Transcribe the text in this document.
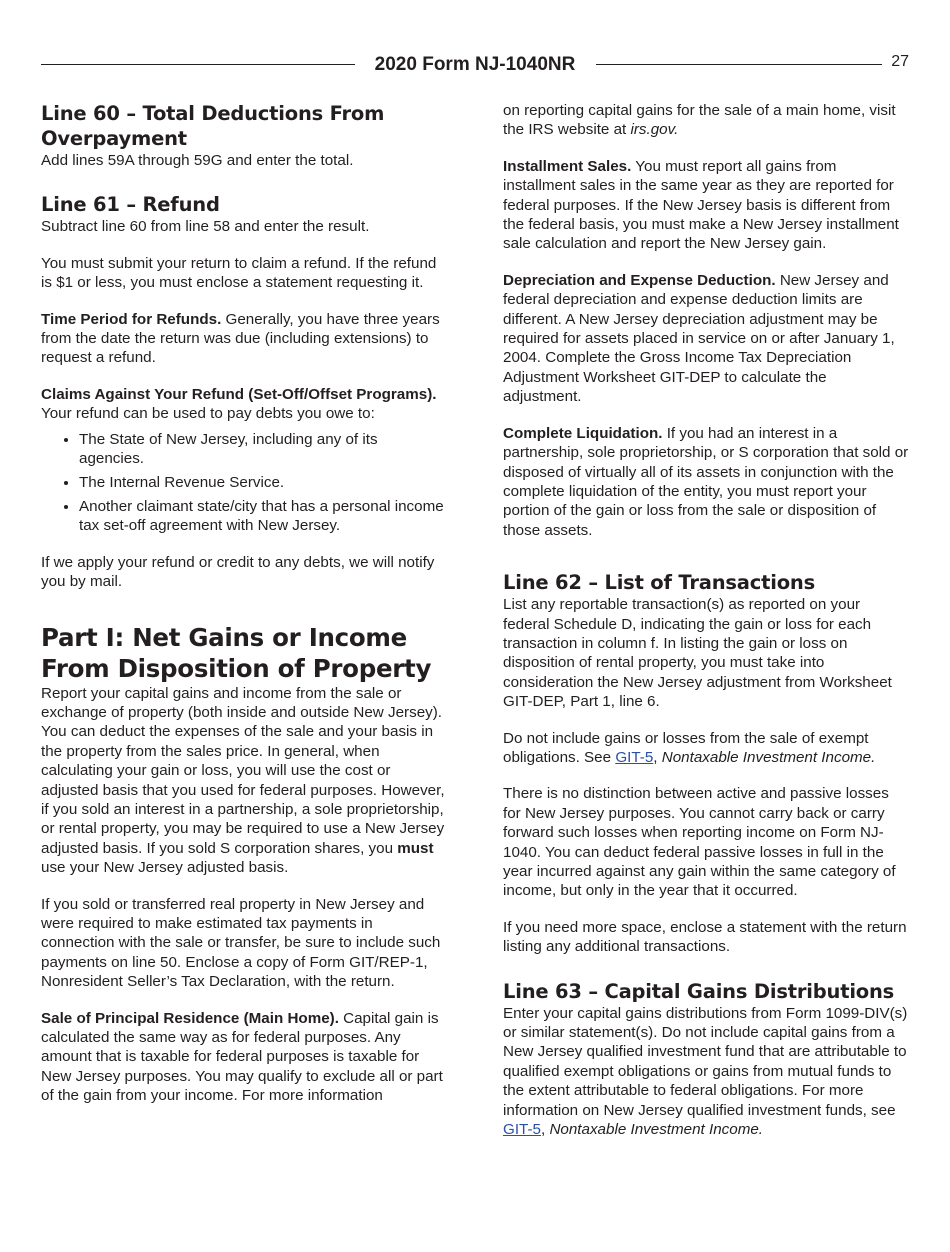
2020 Form NJ-1040NR	27
Line 60 – Total Deductions From Overpayment

Add lines 59A through 59G and enter the total.

Line 61 – Refund

Subtract line 60 from line 58 and enter the result.

You must submit your return to claim a refund. If the refund is $1 or less, you must enclose a statement requesting it.

Time Period for Refunds. Generally, you have three years from the date the return was due (including extensions) to request a refund.

Claims Against Your Refund (Set-Off/Offset Programs). Your refund can be used to pay debts you owe to:

• The State of New Jersey, including any of its agencies.
• The Internal Revenue Service.
• Another claimant state/city that has a personal income tax set-off agreement with New Jersey.

If we apply your refund or credit to any debts, we will notify you by mail.

Part I: Net Gains or Income From Disposition of Property

Report your capital gains and income from the sale or exchange of property (both inside and outside New Jersey). You can deduct the expenses of the sale and your basis in the property from the sales price. In general, when calculating your gain or loss, you will use the cost or adjusted basis that you used for federal purposes. However, if you sold an interest in a partnership, a sole proprietorship, or rental property, you may be required to use a New Jersey adjusted basis. If you sold S corporation shares, you must use your New Jersey adjusted basis.

If you sold or transferred real property in New Jersey and were required to make estimated tax payments in connection with the sale or transfer, be sure to include such payments on line 50. Enclose a copy of Form GIT/REP-1, Nonresident Seller’s Tax Declaration, with the return.

Sale of Principal Residence (Main Home). Capital gain is calculated the same way as for federal purposes. Any amount that is taxable for federal purposes is taxable for New Jersey purposes. You may qualify to exclude all or part of the gain from your income. For more information

on reporting capital gains for the sale of a main home, visit the IRS website at irs.gov.

Installment Sales. You must report all gains from installment sales in the same year as they are reported for federal purposes. If the New Jersey basis is different from the federal basis, you must make a New Jersey installment sale calculation and report the New Jersey gain.

Depreciation and Expense Deduction. New Jersey and federal depreciation and expense deduction limits are different. A New Jersey depreciation adjustment may be required for assets placed in service on or after January 1, 2004. Complete the Gross Income Tax Depreciation Adjustment Worksheet GIT-DEP to calculate the adjustment.

Complete Liquidation. If you had an interest in a partnership, sole proprietorship, or S corporation that sold or disposed of virtually all of its assets in conjunction with the complete liquidation of the entity, you must report your portion of the gain or loss from the sale or disposition of those assets.

Line 62 – List of Transactions

List any reportable transaction(s) as reported on your federal Schedule D, indicating the gain or loss for each transaction in column f. In listing the gain or loss on disposition of rental property, you must take into consideration the New Jersey adjustment from Worksheet GIT-DEP, Part 1, line 6.

Do not include gains or losses from the sale of exempt obligations. See GIT-5, Nontaxable Investment Income.

There is no distinction between active and passive losses for New Jersey purposes. You cannot carry back or carry forward such losses when reporting income on Form NJ-1040. You can deduct federal passive losses in full in the year incurred against any gain within the same category of income, but only in the year that it occurred.

If you need more space, enclose a statement with the return listing any additional transactions.

Line 63 – Capital Gains Distributions

Enter your capital gains distributions from Form 1099-DIV(s) or similar statement(s). Do not include capital gains from a New Jersey qualified investment fund that are attributable to qualified exempt obligations or gains from mutual funds to the extent attributable to federal obligations. For more information on New Jersey qualified investment funds, see GIT-5, Nontaxable Investment Income.
